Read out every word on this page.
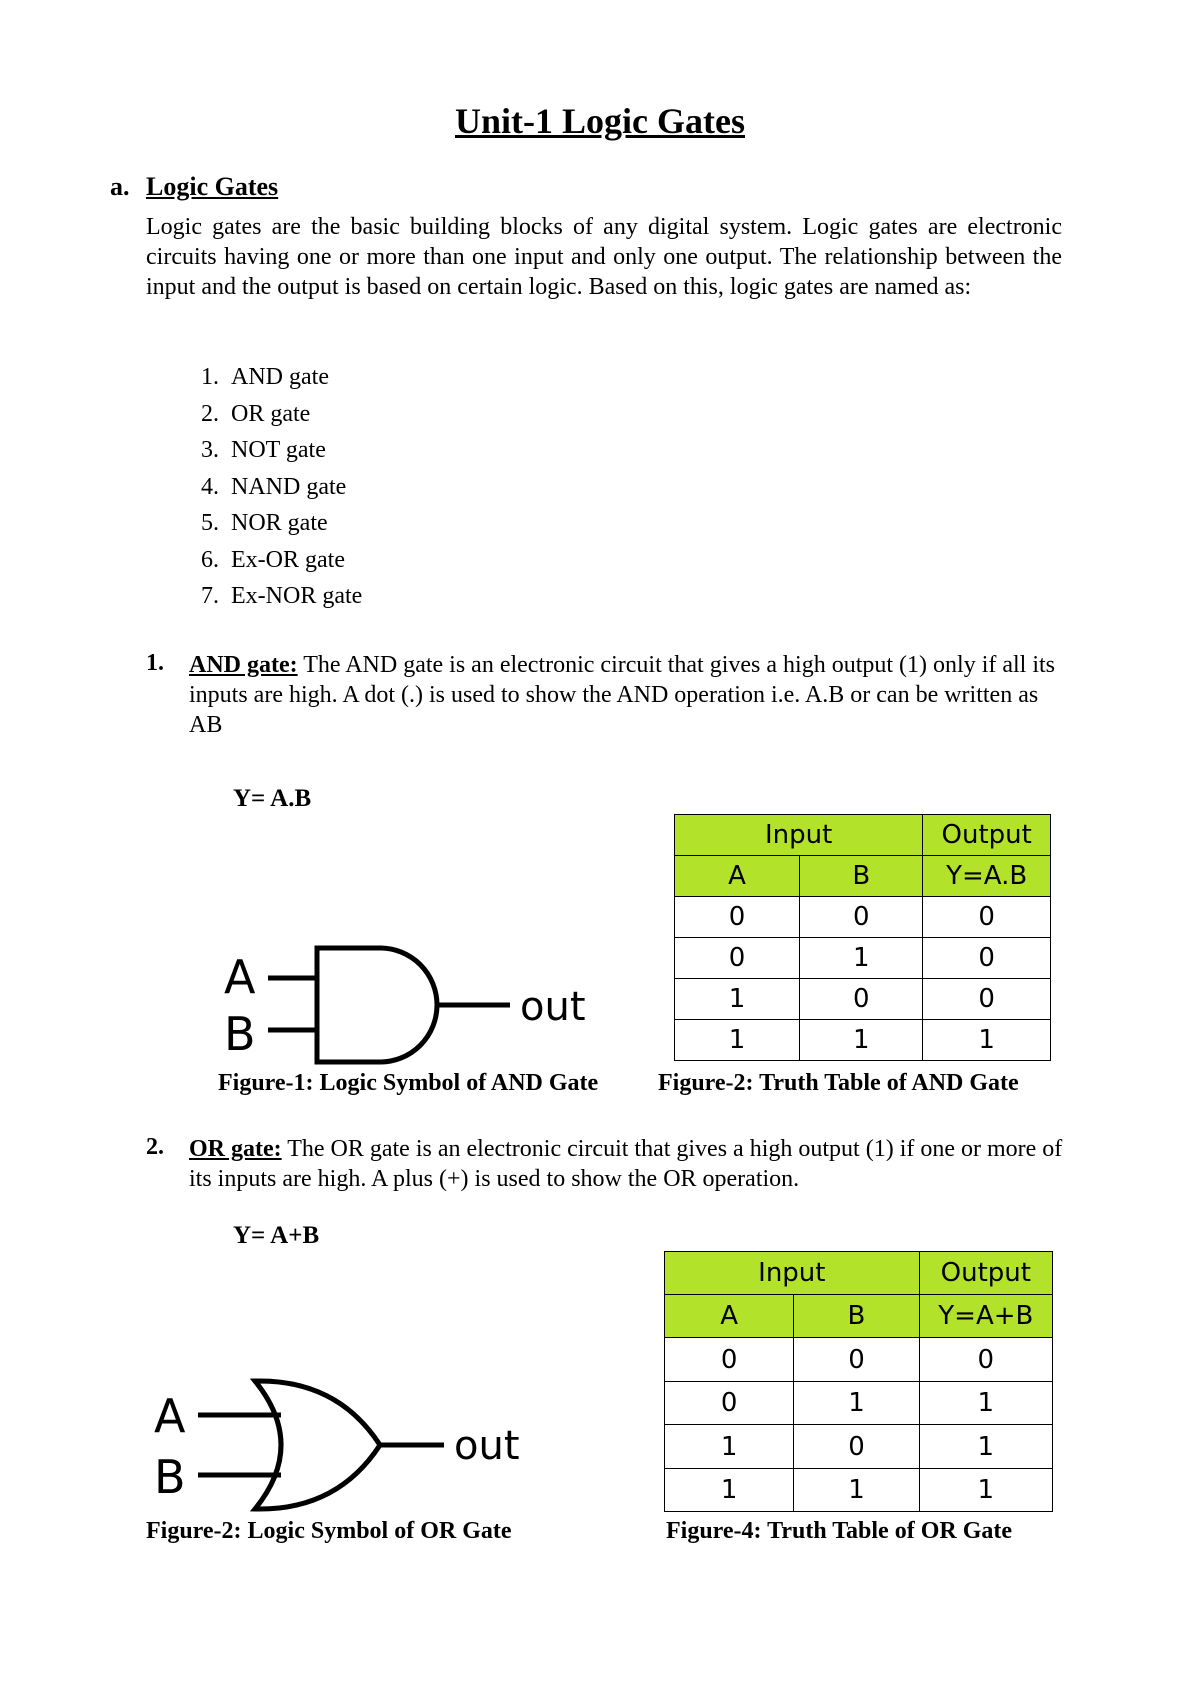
Unit-1 Logic Gates
a. Logic Gates

Logic gates are the basic building blocks of any digital system. Logic gates are electronic circuits having one or more than one input and only one output. The relationship between the input and the output is based on certain logic. Based on this, logic gates are named as:

1. AND gate
2. OR gate
3. NOT gate
4. NAND gate
5. NOR gate
6. Ex-OR gate
7. Ex-NOR gate
1. AND gate: The AND gate is an electronic circuit that gives a high output (1) only if all its inputs are high. A dot (.) is used to show the AND operation i.e. A.B or can be written as AB

Y= A.B
A
B	out
Input		Output
A	B	Y=A.B
0	0	0
0	1	0
1	0	0
1	1	1
Figure-1: Logic Symbol of AND Gate Figure-2: Truth Table of AND Gate
2. OR gate: The OR gate is an electronic circuit that gives a high output (1) if one or more of its inputs are high. A plus (+) is used to show the OR operation.

Y= A+B
A
B
out
Input		Output
A	B	Y=A+B
0	0	0
0	1	1
1	0	1
1	1	1
Figure-2: Logic Symbol of OR Gate	Figure-4: Truth Table of OR Gate
